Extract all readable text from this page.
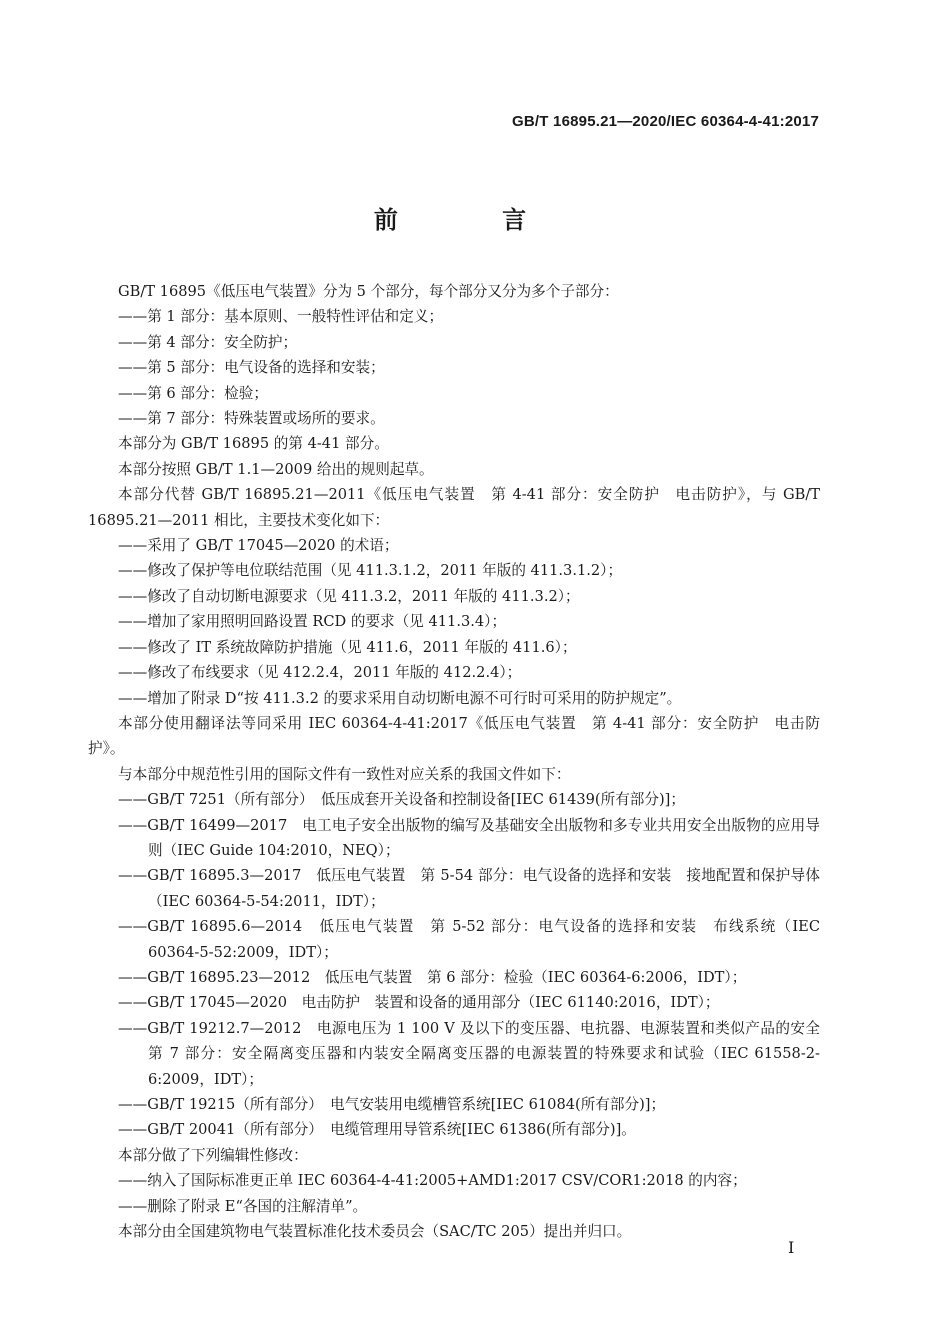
GB/T 16895.21—2020/IEC 60364-4-41:2017
前 言

GB/T 16895《低压电气装置》分为 5 个部分，每个部分又分为多个子部分：

——第 1 部分：基本原则、一般特性评估和定义；

——第 4 部分：安全防护；

——第 5 部分：电气设备的选择和安装；

——第 6 部分：检验；

——第 7 部分：特殊装置或场所的要求。

本部分为 GB/T 16895 的第 4-41 部分。

本部分按照 GB/T 1.1—2009 给出的规则起草。

本部分代替 GB/T 16895.21—2011《低压电气装置　第 4-41 部分：安全防护　电击防护》，与 GB/T 16895.21—2011 相比，主要技术变化如下：

——采用了 GB/T 17045—2020 的术语；

——修改了保护等电位联结范围（见 411.3.1.2，2011 年版的 411.3.1.2）；

——修改了自动切断电源要求（见 411.3.2，2011 年版的 411.3.2）；

——增加了家用照明回路设置 RCD 的要求（见 411.3.4）；

——修改了 IT 系统故障防护措施（见 411.6，2011 年版的 411.6）；

——修改了布线要求（见 412.2.4，2011 年版的 412.2.4）；

——增加了附录 D“按 411.3.2 的要求采用自动切断电源不可行时可采用的防护规定”。

本部分使用翻译法等同采用 IEC 60364-4-41:2017《低压电气装置　第 4-41 部分：安全防护　电击防护》。

与本部分中规范性引用的国际文件有一致性对应关系的我国文件如下：

——GB/T 7251（所有部分）　低压成套开关设备和控制设备[IEC 61439(所有部分)]；

——GB/T 16499—2017　电工电子安全出版物的编写及基础安全出版物和多专业共用安全出版物的应用导则（IEC Guide 104:2010，NEQ）；

——GB/T 16895.3—2017　低压电气装置　第 5-54 部分：电气设备的选择和安装　接地配置和保护导体（IEC 60364-5-54:2011，IDT）；

——GB/T 16895.6—2014　低压电气装置　第 5-52 部分：电气设备的选择和安装　布线系统（IEC 60364-5-52:2009，IDT）；

——GB/T 16895.23—2012　低压电气装置　第 6 部分：检验（IEC 60364-6:2006，IDT）；

——GB/T 17045—2020　电击防护　装置和设备的通用部分（IEC 61140:2016，IDT）；

——GB/T 19212.7—2012　电源电压为 1 100 V 及以下的变压器、电抗器、电源装置和类似产品的安全　第 7 部分：安全隔离变压器和内装安全隔离变压器的电源装置的特殊要求和试验（IEC 61558-2-6:2009，IDT）；

——GB/T 19215（所有部分）　电气安装用电缆槽管系统[IEC 61084(所有部分)]；

——GB/T 20041（所有部分）　电缆管理用导管系统[IEC 61386(所有部分)]。

本部分做了下列编辑性修改：

——纳入了国际标准更正单 IEC 60364-4-41:2005+AMD1:2017 CSV/COR1:2018 的内容；

——删除了附录 E“各国的注解清单”。

本部分由全国建筑物电气装置标准化技术委员会（SAC/TC 205）提出并归口。

Ⅰ
